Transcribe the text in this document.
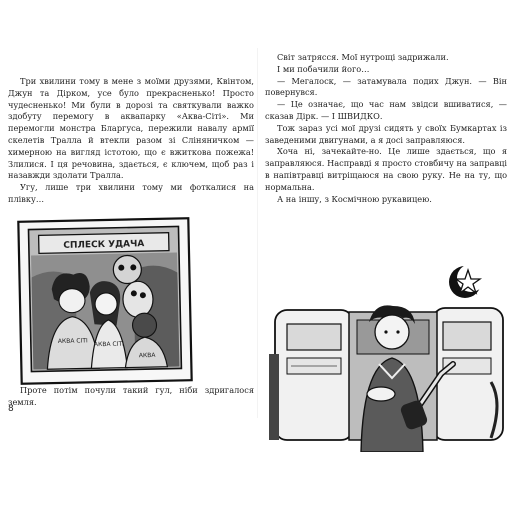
Три хвилини тому в мене з моїми друзями, Квінтом, Джун та Дірком, усе було прекрасненько! Просто чудесненько! Ми були в дорозі та святкували важко здобуту перемогу в аквапарку «Аква-Сіті». Ми перемогли монстра Бларгуса, пережили навалу армії скелетів Тралла й втекли разом зі Сліняничком — химерною на вигляд істотою, що є вжиткова пожежа!Злилися. І ця речовина, здається, є ключем, щоб раз і назавжди здолати Тралла.

Угу, лише три хвилини тому ми фоткалися на плівку…

СПЛЕСК УДАЧА
АКВА СІТІ АКВА СІТІ
АКВА

Проте потім почули такий гул, ніби здригалося земля.

8

Світ затрясся. Мої нутрощі задрижали.

І ми побачили його…

— Мегалоск, — затамувала подих Джун. — Він повернувся.

— Це означає, що час нам звідси вшиватися, — сказав Дірк. — І ШВИДКО.

Тож зараз усі мої друзі сидять у своїх Бумкартах із заведеними двигунами, а я досі заправляюся.

Хоча ні, зачекайте-но. Це лише здається, що я заправляюся. Насправді я просто стовбичу на заправці в напівтравці витріщаюся на свою руку. Не на ту, що нормальна.

А на іншу, з Космічною рукавицею.
